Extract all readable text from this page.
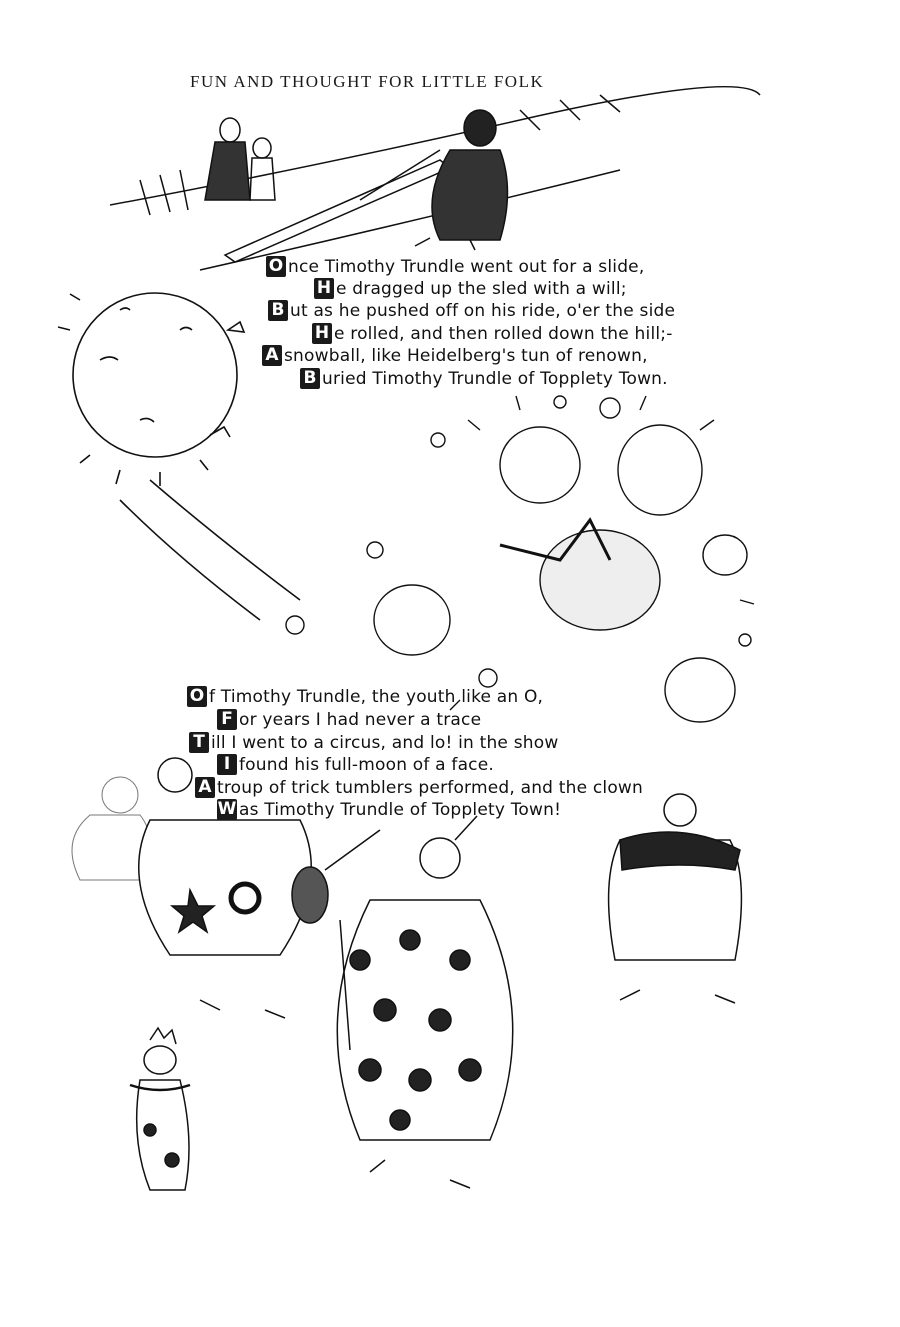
FUN AND THOUGHT FOR LITTLE FOLK
O nce Timothy Trundle went out for a slide,
H e dragged up the sled with a will;
B ut as he pushed off on his ride, o'er the side
H e rolled, and then rolled down the hill;-
A snowball, like Heidelberg's tun of renown,
B uried Timothy Trundle of Topplety Town.
O f Timothy Trundle, the youth like an O,
F or years I had never a trace
T ill I went to a circus, and lo! in the show
I found his full-moon of a face.
A troup of trick tumblers performed, and the clown
W as Timothy Trundle of Topplety Town!
